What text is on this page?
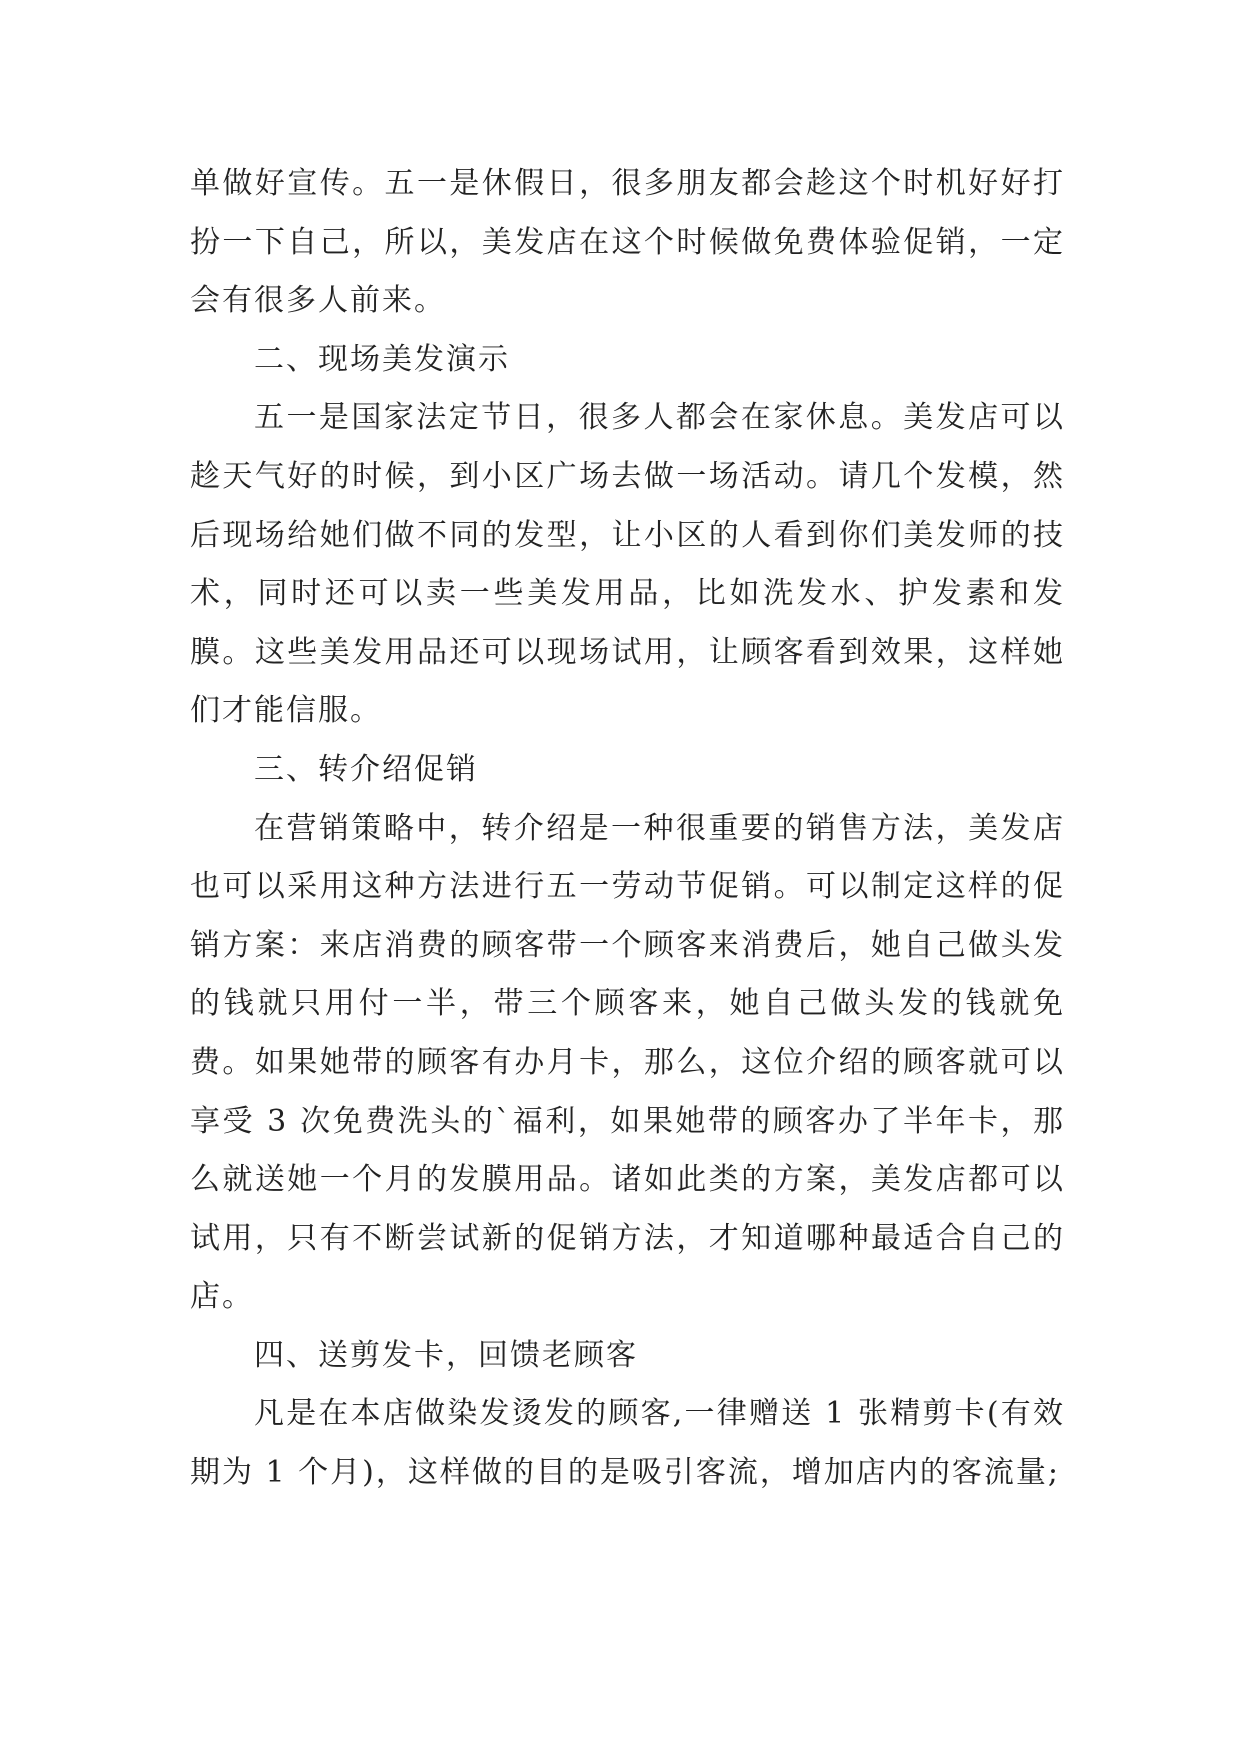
单做好宣传。五一是休假日，很多朋友都会趁这个时机好好打扮一下自己，所以，美发店在这个时候做免费体验促销，一定会有很多人前来。

二、现场美发演示

五一是国家法定节日，很多人都会在家休息。美发店可以趁天气好的时候，到小区广场去做一场活动。请几个发模，然后现场给她们做不同的发型，让小区的人看到你们美发师的技术，同时还可以卖一些美发用品，比如洗发水、护发素和发膜。这些美发用品还可以现场试用，让顾客看到效果，这样她们才能信服。

三、转介绍促销

在营销策略中，转介绍是一种很重要的销售方法，美发店也可以采用这种方法进行五一劳动节促销。可以制定这样的促销方案：来店消费的顾客带一个顾客来消费后，她自己做头发的钱就只用付一半，带三个顾客来，她自己做头发的钱就免费。如果她带的顾客有办月卡，那么，这位介绍的顾客就可以享受 3 次免费洗头的`福利，如果她带的顾客办了半年卡，那么就送她一个月的发膜用品。诸如此类的方案，美发店都可以试用，只有不断尝试新的促销方法，才知道哪种最适合自己的店。

四、送剪发卡，回馈老顾客

凡是在本店做染发烫发的顾客,一律赠送 1 张精剪卡(有效期为 1 个月)，这样做的目的是吸引客流，增加店内的客流量;
